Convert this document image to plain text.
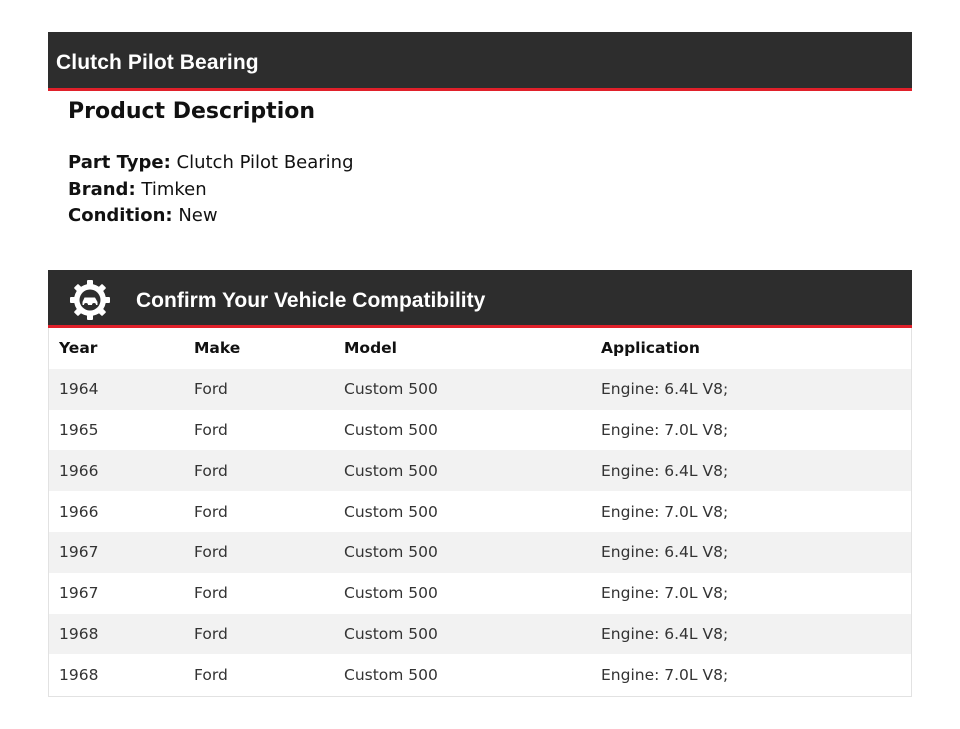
Clutch Pilot Bearing
Product Description
Part Type: Clutch Pilot Bearing
Brand: Timken
Condition: New
Confirm Your Vehicle Compatibility
Year	Make	Model	Application
1964	Ford	Custom 500	Engine: 6.4L V8;
1965	Ford	Custom 500	Engine: 7.0L V8;
1966	Ford	Custom 500	Engine: 6.4L V8;
1966	Ford	Custom 500	Engine: 7.0L V8;
1967	Ford	Custom 500	Engine: 6.4L V8;
1967	Ford	Custom 500	Engine: 7.0L V8;
1968	Ford	Custom 500	Engine: 6.4L V8;
1968	Ford	Custom 500	Engine: 7.0L V8;
